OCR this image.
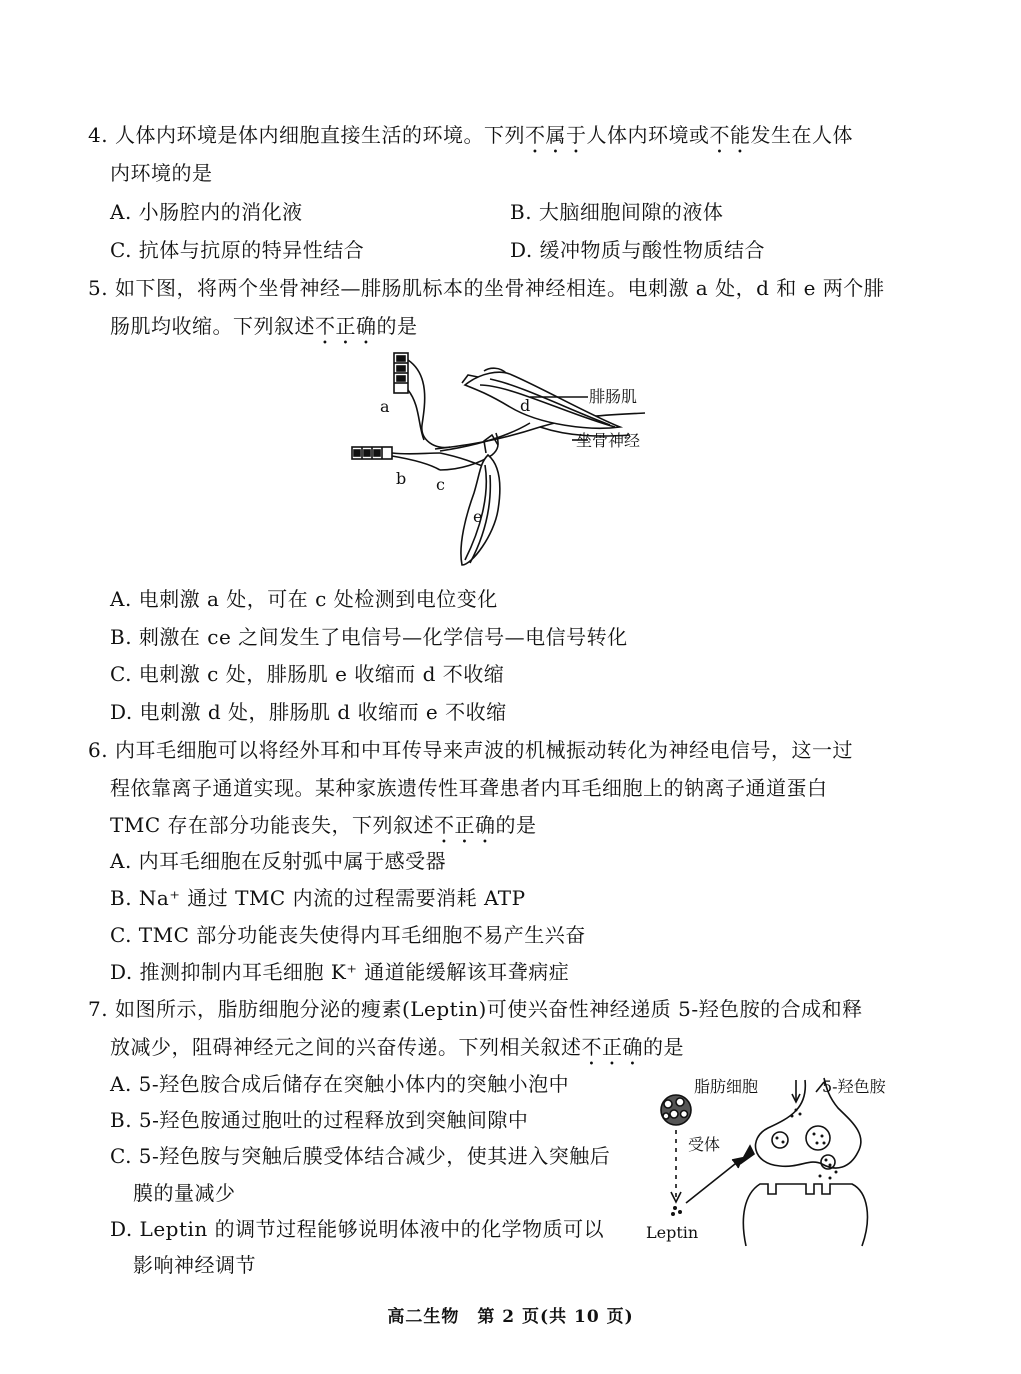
4. 人体内环境是体内细胞直接生活的环境。下列不属于人体内环境或不能发生在人体
内环境的是
A. 小肠腔内的消化液	B. 大脑细胞间隙的液体
C. 抗体与抗原的特异性结合	D. 缓冲物质与酸性物质结合
5. 如下图，将两个坐骨神经—腓肠肌标本的坐骨神经相连。电刺激 a 处，d 和 e 两个腓
肠肌均收缩。下列叙述不正确的是
腓肠肌
坐骨神经
a
b c
d
e
A. 电刺激 a 处，可在 c 处检测到电位变化
B. 刺激在 ce 之间发生了电信号—化学信号—电信号转化
C. 电刺激 c 处，腓肠肌 e 收缩而 d 不收缩
D. 电刺激 d 处，腓肠肌 d 收缩而 e 不收缩
6. 内耳毛细胞可以将经外耳和中耳传导来声波的机械振动转化为神经电信号，这一过
程依靠离子通道实现。某种家族遗传性耳聋患者内耳毛细胞上的钠离子通道蛋白
TMC 存在部分功能丧失，下列叙述不正确的是
A. 内耳毛细胞在反射弧中属于感受器
B. Na⁺ 通过 TMC 内流的过程需要消耗 ATP
C. TMC 部分功能丧失使得内耳毛细胞不易产生兴奋
D. 推测抑制内耳毛细胞 K⁺ 通道能缓解该耳聋病症
7. 如图所示，脂肪细胞分泌的瘦素(Leptin)可使兴奋性神经递质 5-羟色胺的合成和释
放减少，阻碍神经元之间的兴奋传递。下列相关叙述不正确的是
A. 5-羟色胺合成后储存在突触小体内的突触小泡中
B. 5-羟色胺通过胞吐的过程释放到突触间隙中
C. 5-羟色胺与突触后膜受体结合减少，使其进入突触后
膜的量减少
D. Leptin 的调节过程能够说明体液中的化学物质可以
影响神经调节
脂肪细胞	5-羟色胺
受体
Leptin
高二生物　第 2 页(共 10 页)
